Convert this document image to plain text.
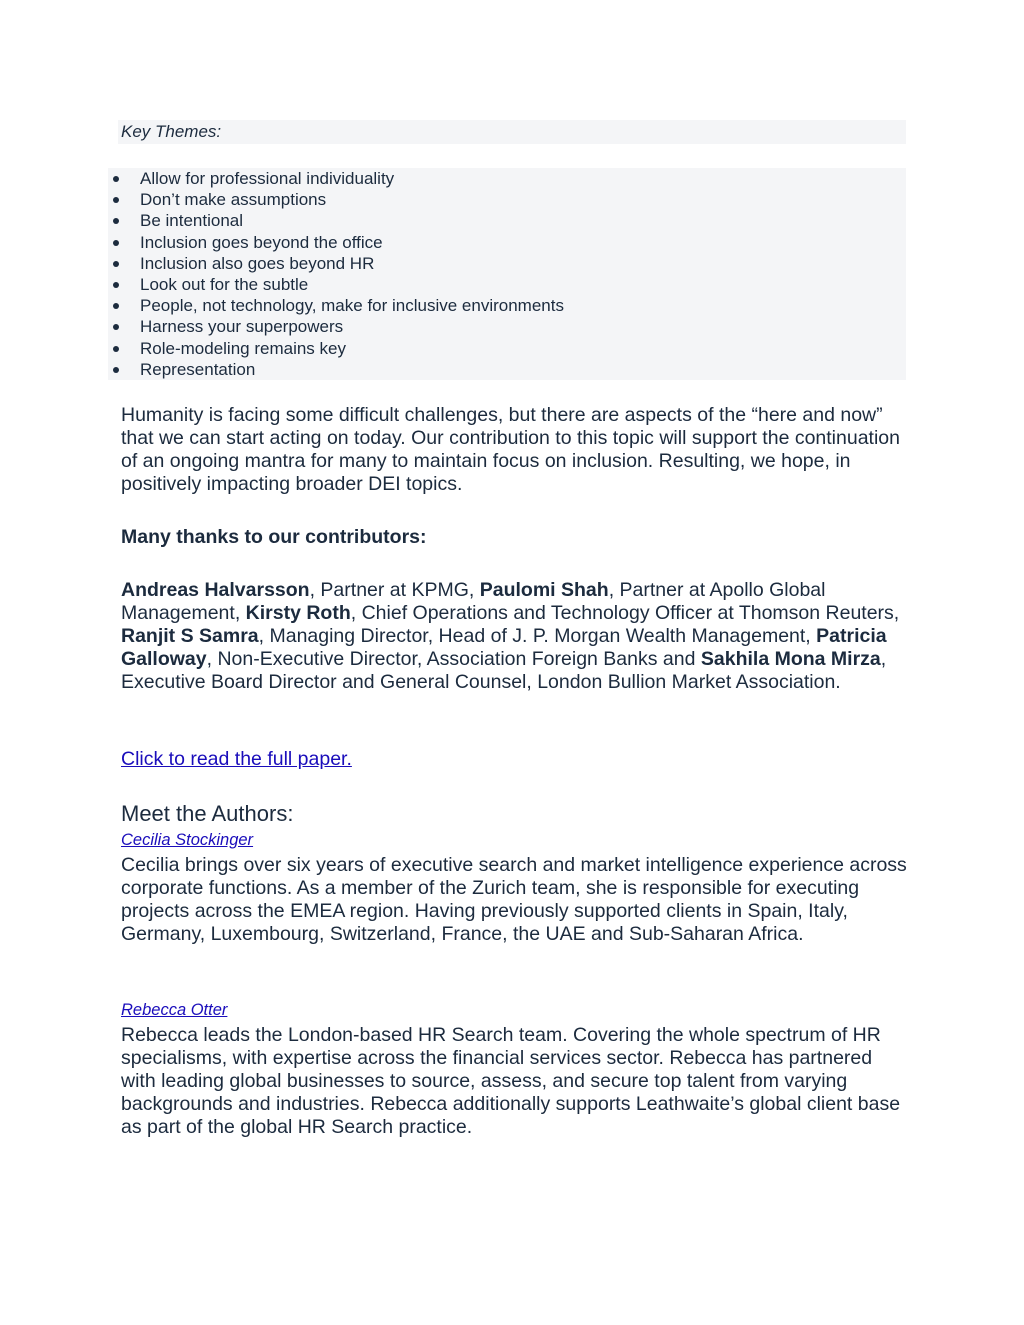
Key Themes:
Allow for professional individuality
Don’t make assumptions
Be intentional
Inclusion goes beyond the office
Inclusion also goes beyond HR
Look out for the subtle
People, not technology, make for inclusive environments
Harness your superpowers
Role-modeling remains key
Representation

Humanity is facing some difficult challenges, but there are aspects of the “here and now” that we can start acting on today. Our contribution to this topic will support the continuation of an ongoing mantra for many to maintain focus on inclusion. Resulting, we hope, in positively impacting broader DEI topics.

Many thanks to our contributors:

Andreas Halvarsson, Partner at KPMG, Paulomi Shah, Partner at Apollo Global Management, Kirsty Roth, Chief Operations and Technology Officer at Thomson Reuters, Ranjit S Samra, Managing Director, Head of J. P. Morgan Wealth Management, Patricia Galloway, Non-Executive Director, Association Foreign Banks and Sakhila Mona Mirza, Executive Board Director and General Counsel, London Bullion Market Association.

Click to read the full paper.

Meet the Authors:
Cecilia Stockinger

Cecilia brings over six years of executive search and market intelligence experience across corporate functions. As a member of the Zurich team, she is responsible for executing projects across the EMEA region. Having previously supported clients in Spain, Italy, Germany, Luxembourg, Switzerland, France, the UAE and Sub-Saharan Africa.

Rebecca Otter

Rebecca leads the London-based HR Search team. Covering the whole spectrum of HR specialisms, with expertise across the financial services sector. Rebecca has partnered with leading global businesses to source, assess, and secure top talent from varying backgrounds and industries. Rebecca additionally supports Leathwaite’s global client base as part of the global HR Search practice.
